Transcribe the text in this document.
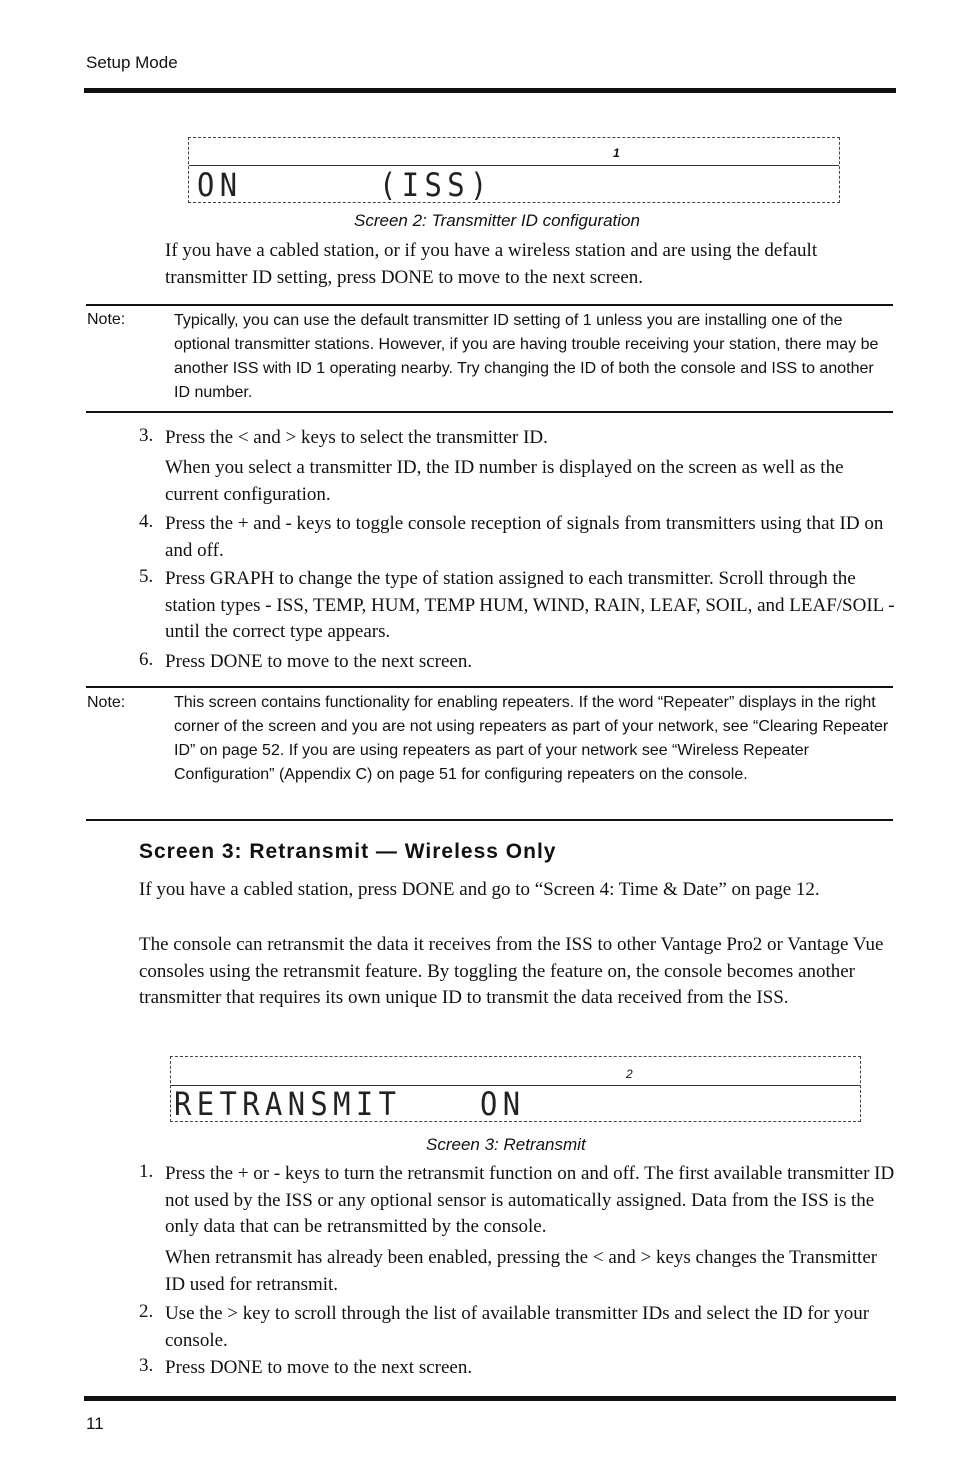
Setup Mode
1
ON	(ISS)
Screen 2: Transmitter ID configuration
If you have a cabled station, or if you have a wireless station and are using the default transmitter ID setting, press DONE to move to the next screen.
Note:	Typically, you can use the default transmitter ID setting of 1 unless you are installing one of the optional transmitter stations. However, if you are having trouble receiving your station, there may be another ISS with ID 1 operating nearby. Try changing the ID of both the console and ISS to another ID number.
3. Press the < and > keys to select the transmitter ID.
When you select a transmitter ID, the ID number is displayed on the screen as well as the current configuration.
4. Press the + and - keys to toggle console reception of signals from transmitters using that ID on and off.
5. Press GRAPH to change the type of station assigned to each transmitter. Scroll through the station types - ISS, TEMP, HUM, TEMP HUM, WIND, RAIN, LEAF, SOIL, and LEAF/SOIL - until the correct type appears.
6. Press DONE to move to the next screen.
Note:	This screen contains functionality for enabling repeaters. If the word “Repeater” displays in the right corner of the screen and you are not using repeaters as part of your network, see “Clearing Repeater ID” on page 52. If you are using repeaters as part of your network see “Wireless Repeater Configuration” (Appendix C) on page 51 for configuring repeaters on the console.
Screen 3: Retransmit — Wireless Only
If you have a cabled station, press DONE and go to “Screen 4: Time & Date” on page 12.
The console can retransmit the data it receives from the ISS to other Vantage Pro2 or Vantage Vue consoles using the retransmit feature. By toggling the feature on, the console becomes another transmitter that requires its own unique ID to transmit the data received from the ISS.
2
RETRANSMIT ON
Screen 3: Retransmit
1. Press the + or - keys to turn the retransmit function on and off. The first available transmitter ID not used by the ISS or any optional sensor is automatically assigned. Data from the ISS is the only data that can be retransmitted by the console.
When retransmit has already been enabled, pressing the < and > keys changes the Transmitter ID used for retransmit.
2. Use the > key to scroll through the list of available transmitter IDs and select the ID for your console.
3. Press DONE to move to the next screen.
11
